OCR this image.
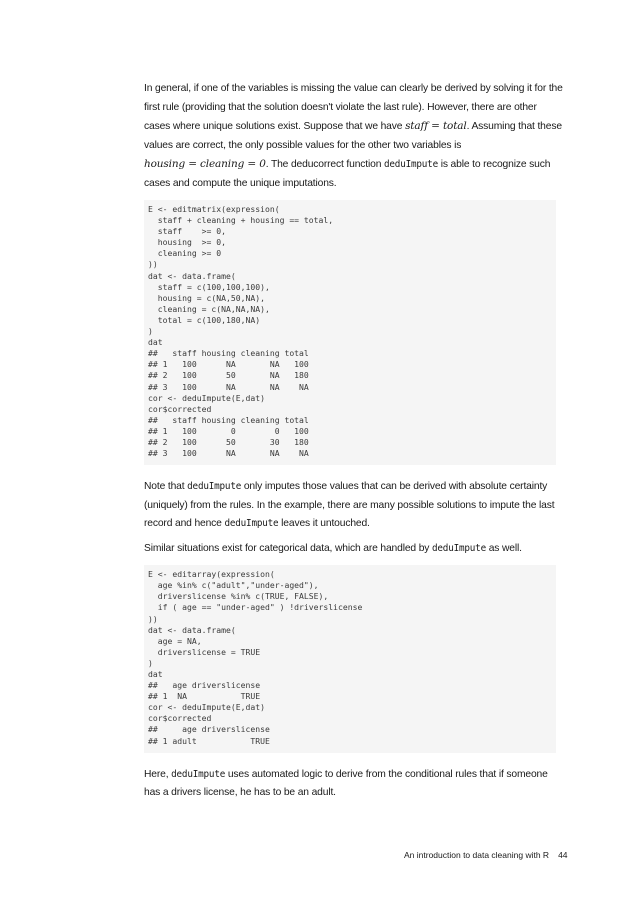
In general, if one of the variables is missing the value can clearly be derived by solving it for the
first rule (providing that the solution doesn't violate the last rule). However, there are other
cases where unique solutions exist. Suppose that we have staff = total. Assuming that these
values are correct, the only possible values for the other two variables is
housing = cleaning = 0. The deducorrect function deduImpute is able to recognize such
cases and compute the unique imputations.

E <- editmatrix(expression(
staff + cleaning + housing == total,
staff    >= 0,
housing  >= 0,
cleaning >= 0
))
dat <- data.frame(
staff = c(100,100,100),
housing = c(NA,50,NA),
cleaning = c(NA,NA,NA),
total = c(100,180,NA)
)
dat
##   staff housing cleaning total
## 1   100      NA       NA   100
## 2   100      50       NA   180
## 3   100      NA       NA    NA
cor <- deduImpute(E,dat)
cor$corrected
##   staff housing cleaning total
## 1   100       0        0   100
## 2   100      50       30   180
## 3   100      NA       NA    NA

Note that deduImpute only imputes those values that can be derived with absolute certainty
(uniquely) from the rules. In the example, there are many possible solutions to impute the last
record and hence deduImpute leaves it untouched.

Similar situations exist for categorical data, which are handled by deduImpute as well.

E <- editarray(expression(
age %in% c("adult","under-aged"),
driverslicense %in% c(TRUE, FALSE),
if ( age == "under-aged" ) !driverslicense
))
dat <- data.frame(
age = NA,
driverslicense = TRUE
)
dat
##   age driverslicense
## 1  NA           TRUE
cor <- deduImpute(E,dat)
cor$corrected
##     age driverslicense
## 1 adult           TRUE

Here, deduImpute uses automated logic to derive from the conditional rules that if someone
has a drivers license, he has to be an adult.

An introduction to data cleaning with R 44
